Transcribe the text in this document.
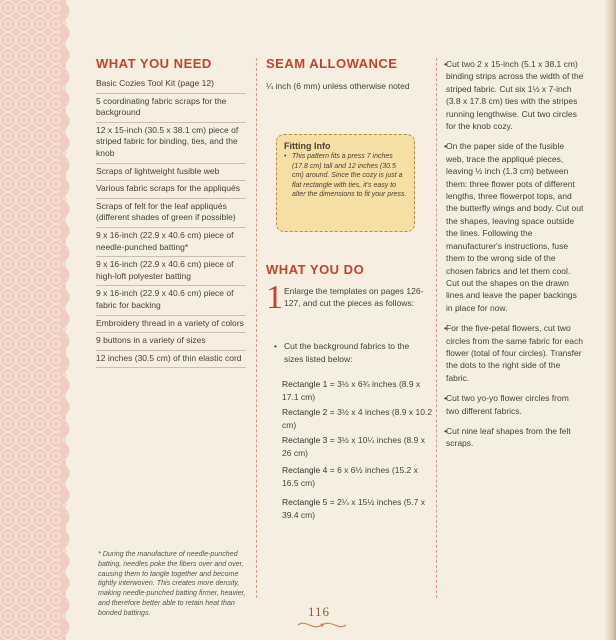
WHAT YOU NEED
Basic Cozies Tool Kit (page 12)
5 coordinating fabric scraps for the background
12 x 15-inch (30.5 x 38.1 cm) piece of striped fabric for binding, ties, and the knob
Scraps of lightweight fusible web
Various fabric scraps for the appliqués
Scraps of felt for the leaf appliqués (different shades of green if possible)
9 x 16-inch (22.9 x 40.6 cm) piece of needle-punched batting*
9 x 16-inch (22.9 x 40.6 cm) piece of high-loft polyester batting
9 x 16-inch (22.9 x 40.6 cm) piece of fabric for backing
Embroidery thread in a variety of colors
9 buttons in a variety of sizes
12 inches (30.5 cm) of thin elastic cord
* During the manufacture of needle-punched batting, needles poke the fibers over and over, causing them to tangle together and become tightly interwoven. This creates more density, making needle-punched batting firmer, heavier, and therefore better able to retain heat than bonded battings.
SEAM ALLOWANCE
¼ inch (6 mm) unless otherwise noted
Fitting Info
• This pattern fits a press 7 inches (17.8 cm) tall and 12 inches (30.5 cm) around. Since the cozy is just a flat rectangle with ties, it's easy to alter the dimensions to fit your press.
WHAT YOU DO
1 Enlarge the templates on pages 126-127, and cut the pieces as follows:
• Cut the background fabrics to the sizes listed below:
Rectangle 1 = 3½ x 6¾ inches (8.9 x 17.1 cm)
Rectangle 2 = 3½ x 4 inches (8.9 x 10.2 cm)
Rectangle 3 = 3½ x 10¼ inches (8.9 x 26 cm)
Rectangle 4 = 6 x 6½ inches (15.2 x 16.5 cm)
Rectangle 5 = 2¼ x 15½ inches (5.7 x 39.4 cm)
• Cut two 2 x 15-inch (5.1 x 38.1 cm) binding strips across the width of the striped fabric. Cut six 1½ x 7-inch (3.8 x 17.8 cm) ties with the stripes running lengthwise. Cut two circles for the knob cozy.
• On the paper side of the fusible web, trace the appliqué pieces, leaving ½ inch (1.3 cm) between them: three flower pots of different lengths, three flowerpot tops, and the butterfly wings and body. Cut out the shapes, leaving space outside the lines. Following the manufacturer's instructions, fuse them to the wrong side of the chosen fabrics and let them cool. Cut out the shapes on the drawn lines and leave the paper backings in place for now.
• For the five-petal flowers, cut two circles from the same fabric for each flower (total of four circles). Transfer the dots to the right side of the fabric.
• Cut two yo-yo flower circles from two different fabrics.
• Cut nine leaf shapes from the felt scraps.
116
